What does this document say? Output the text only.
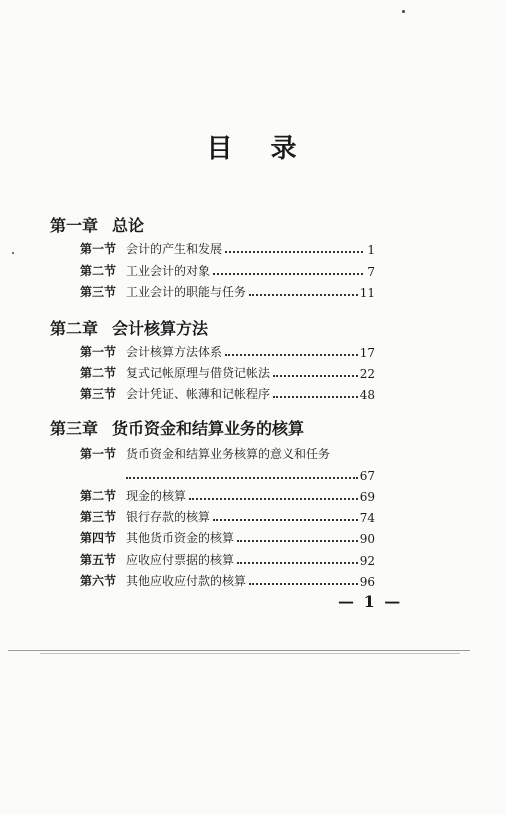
目 录
第一章 总论
第一节 会计的产生和发展	1
第二节 工业会计的对象	7
第三节 工业会计的职能与任务	11
第二章 会计核算方法
第一节 会计核算方法体系	17
第二节 复式记帐原理与借贷记帐法	22
第三节 会计凭证、帐薄和记帐程序	48
第三章 货币资金和结算业务的核算
第一节 货币资金和结算业务核算的意义和任务
67
第二节 现金的核算	69
第三节 银行存款的核算	74
第四节 其他货币资金的核算	90
第五节 应收应付票据的核算	92
第六节 其他应收应付款的核算	96
— 1 —
